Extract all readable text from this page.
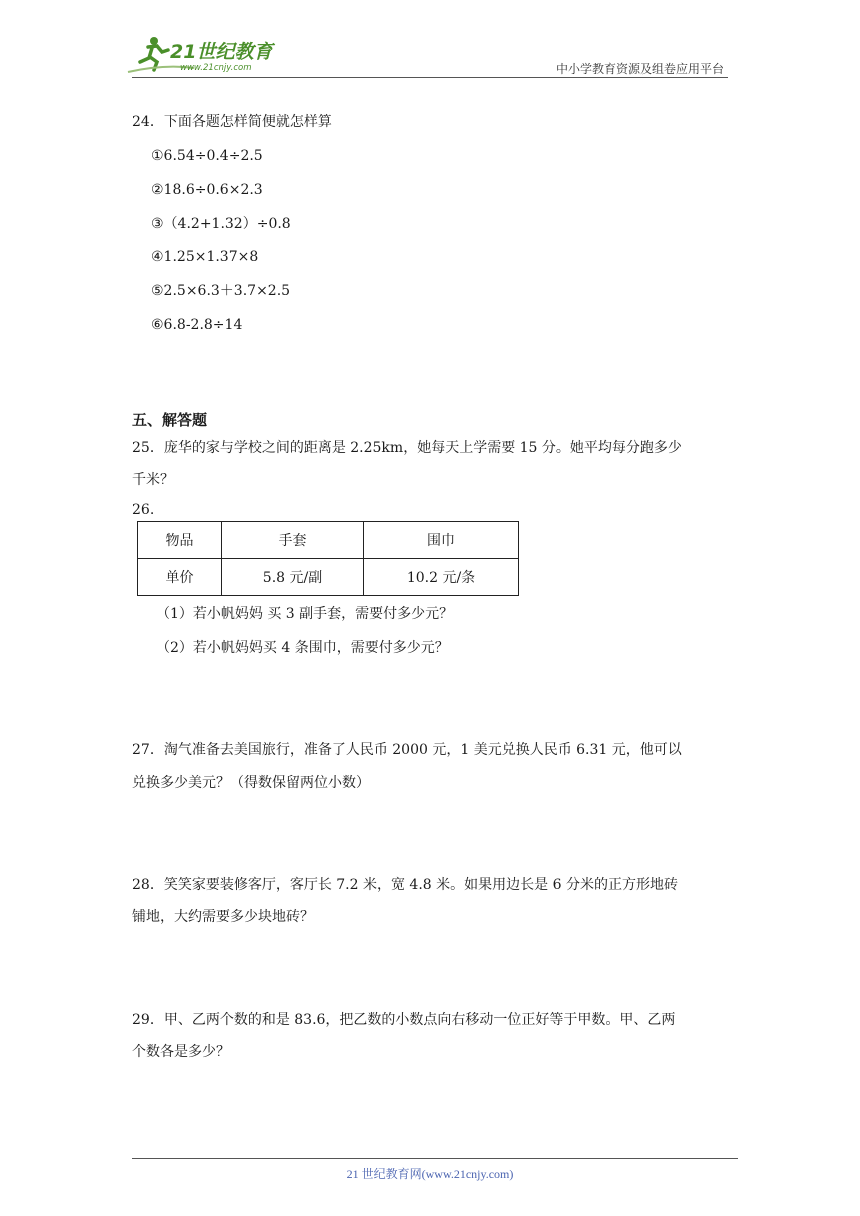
21世纪教育
www.21cnjy.com	中小学教育资源及组卷应用平台
24．下面各题怎样简便就怎样算
①6.54÷0.4÷2.5
②18.6÷0.6×2.3
③（4.2+1.32）÷0.8
④1.25×1.37×8
⑤2.5×6.3＋3.7×2.5
⑥6.8-2.8÷14
五、解答题
25．庞华的家与学校之间的距离是 2.25km，她每天上学需要 15 分。她平均每分跑多少
千米？
26.
物品	手套	围巾
单价	5.8 元/副	10.2 元/条
（1）若小帆妈妈 买 3 副手套，需要付多少元？
（2）若小帆妈妈买 4 条围巾，需要付多少元？
27．淘气准备去美国旅行，准备了人民币 2000 元，1 美元兑换人民币 6.31 元，他可以
兑换多少美元？（得数保留两位小数）
28．笑笑家要装修客厅，客厅长 7.2 米，宽 4.8 米。如果用边长是 6 分米的正方形地砖
铺地，大约需要多少块地砖？
29．甲、乙两个数的和是 83.6，把乙数的小数点向右移动一位正好等于甲数。甲、乙两
个数各是多少？
21 世纪教育网(www.21cnjy.com)
